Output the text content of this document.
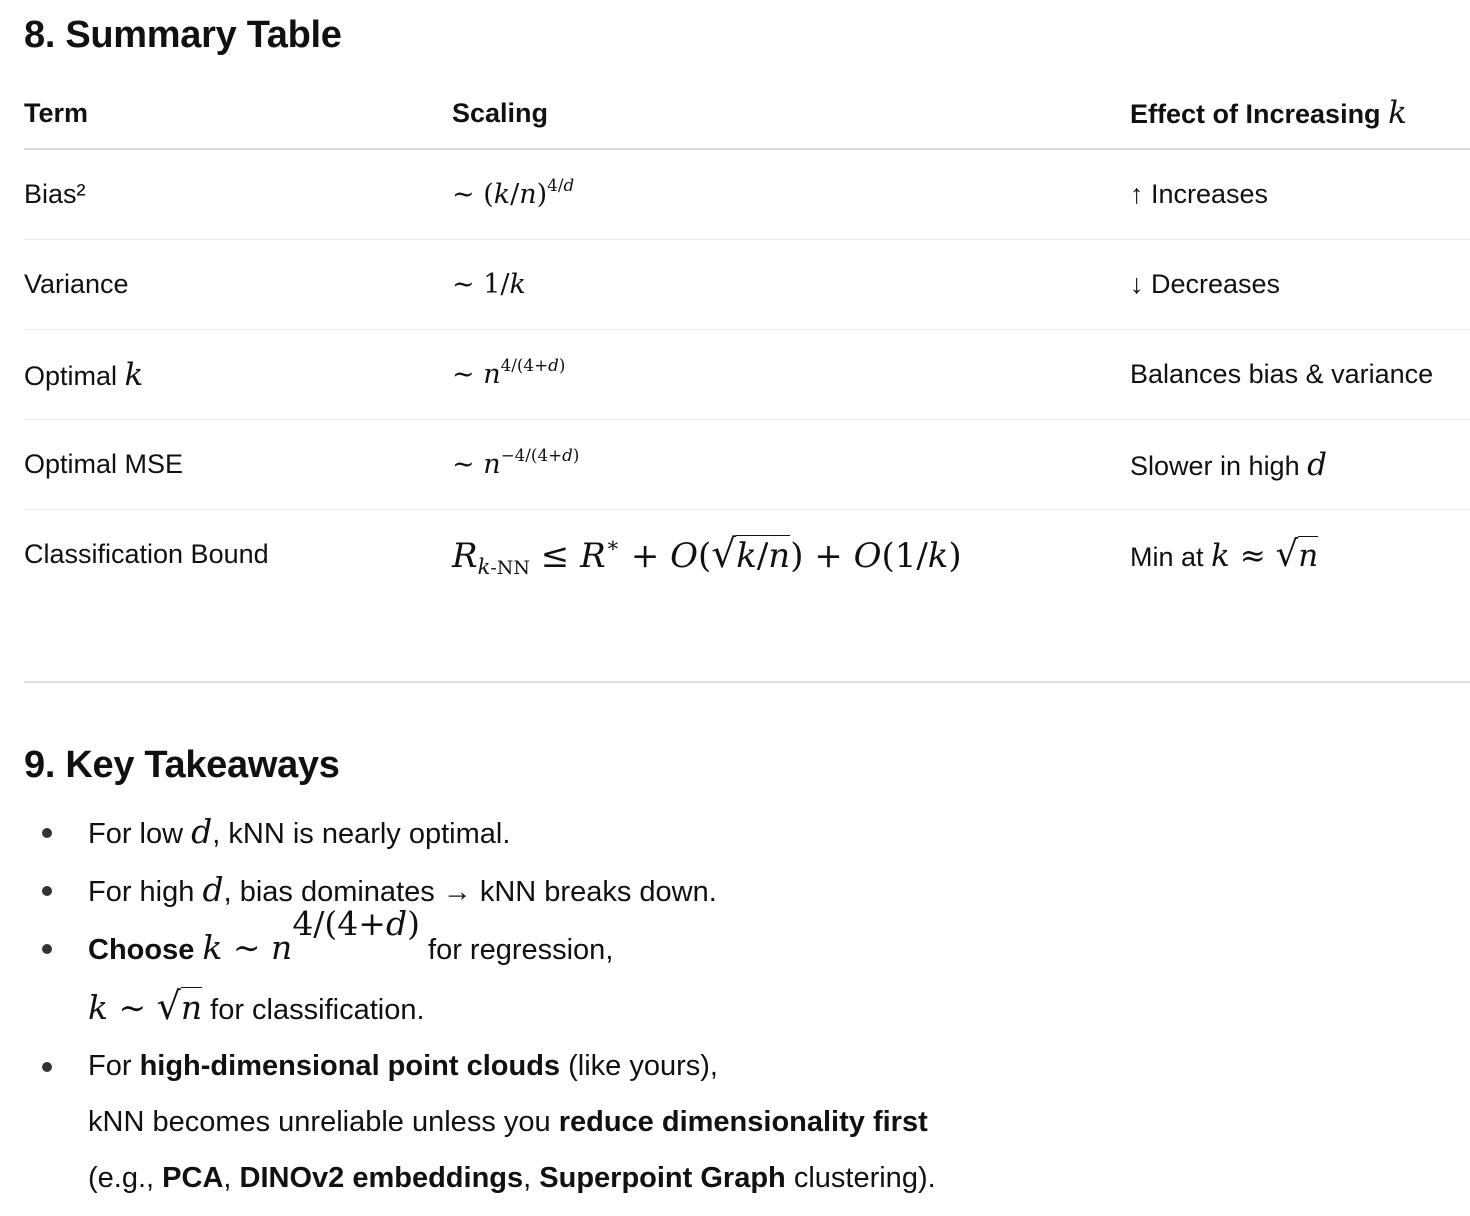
8. Summary Table
Term	Scaling	Effect of Increasing k
Bias²	∼ $(k/n)^{4/d}$	↑ Increases
Variance	∼ 1/k	↓ Decreases
Optimal k	∼ $n^{4/(4+d)}$	Balances bias & variance
Optimal MSE	∼ $n^{-4/(4+d)}$	Slower in high d
Classification Bound	$R_{k-NN} \le R^∗ + O(√k/n) + O(1/k)$	Min at k ≈ √n
9. Key Takeaways
For low d, kNN is nearly optimal.
For high d, bias dominates → kNN breaks down.
Choose k ∼ $n^{4/(4+d)}$ for regression,
k ∼ √n for classification.
For high-dimensional point clouds (like yours),
kNN becomes unreliable unless you reduce dimensionality first
(e.g., PCA, DINOv2 embeddings, Superpoint Graph clustering).
